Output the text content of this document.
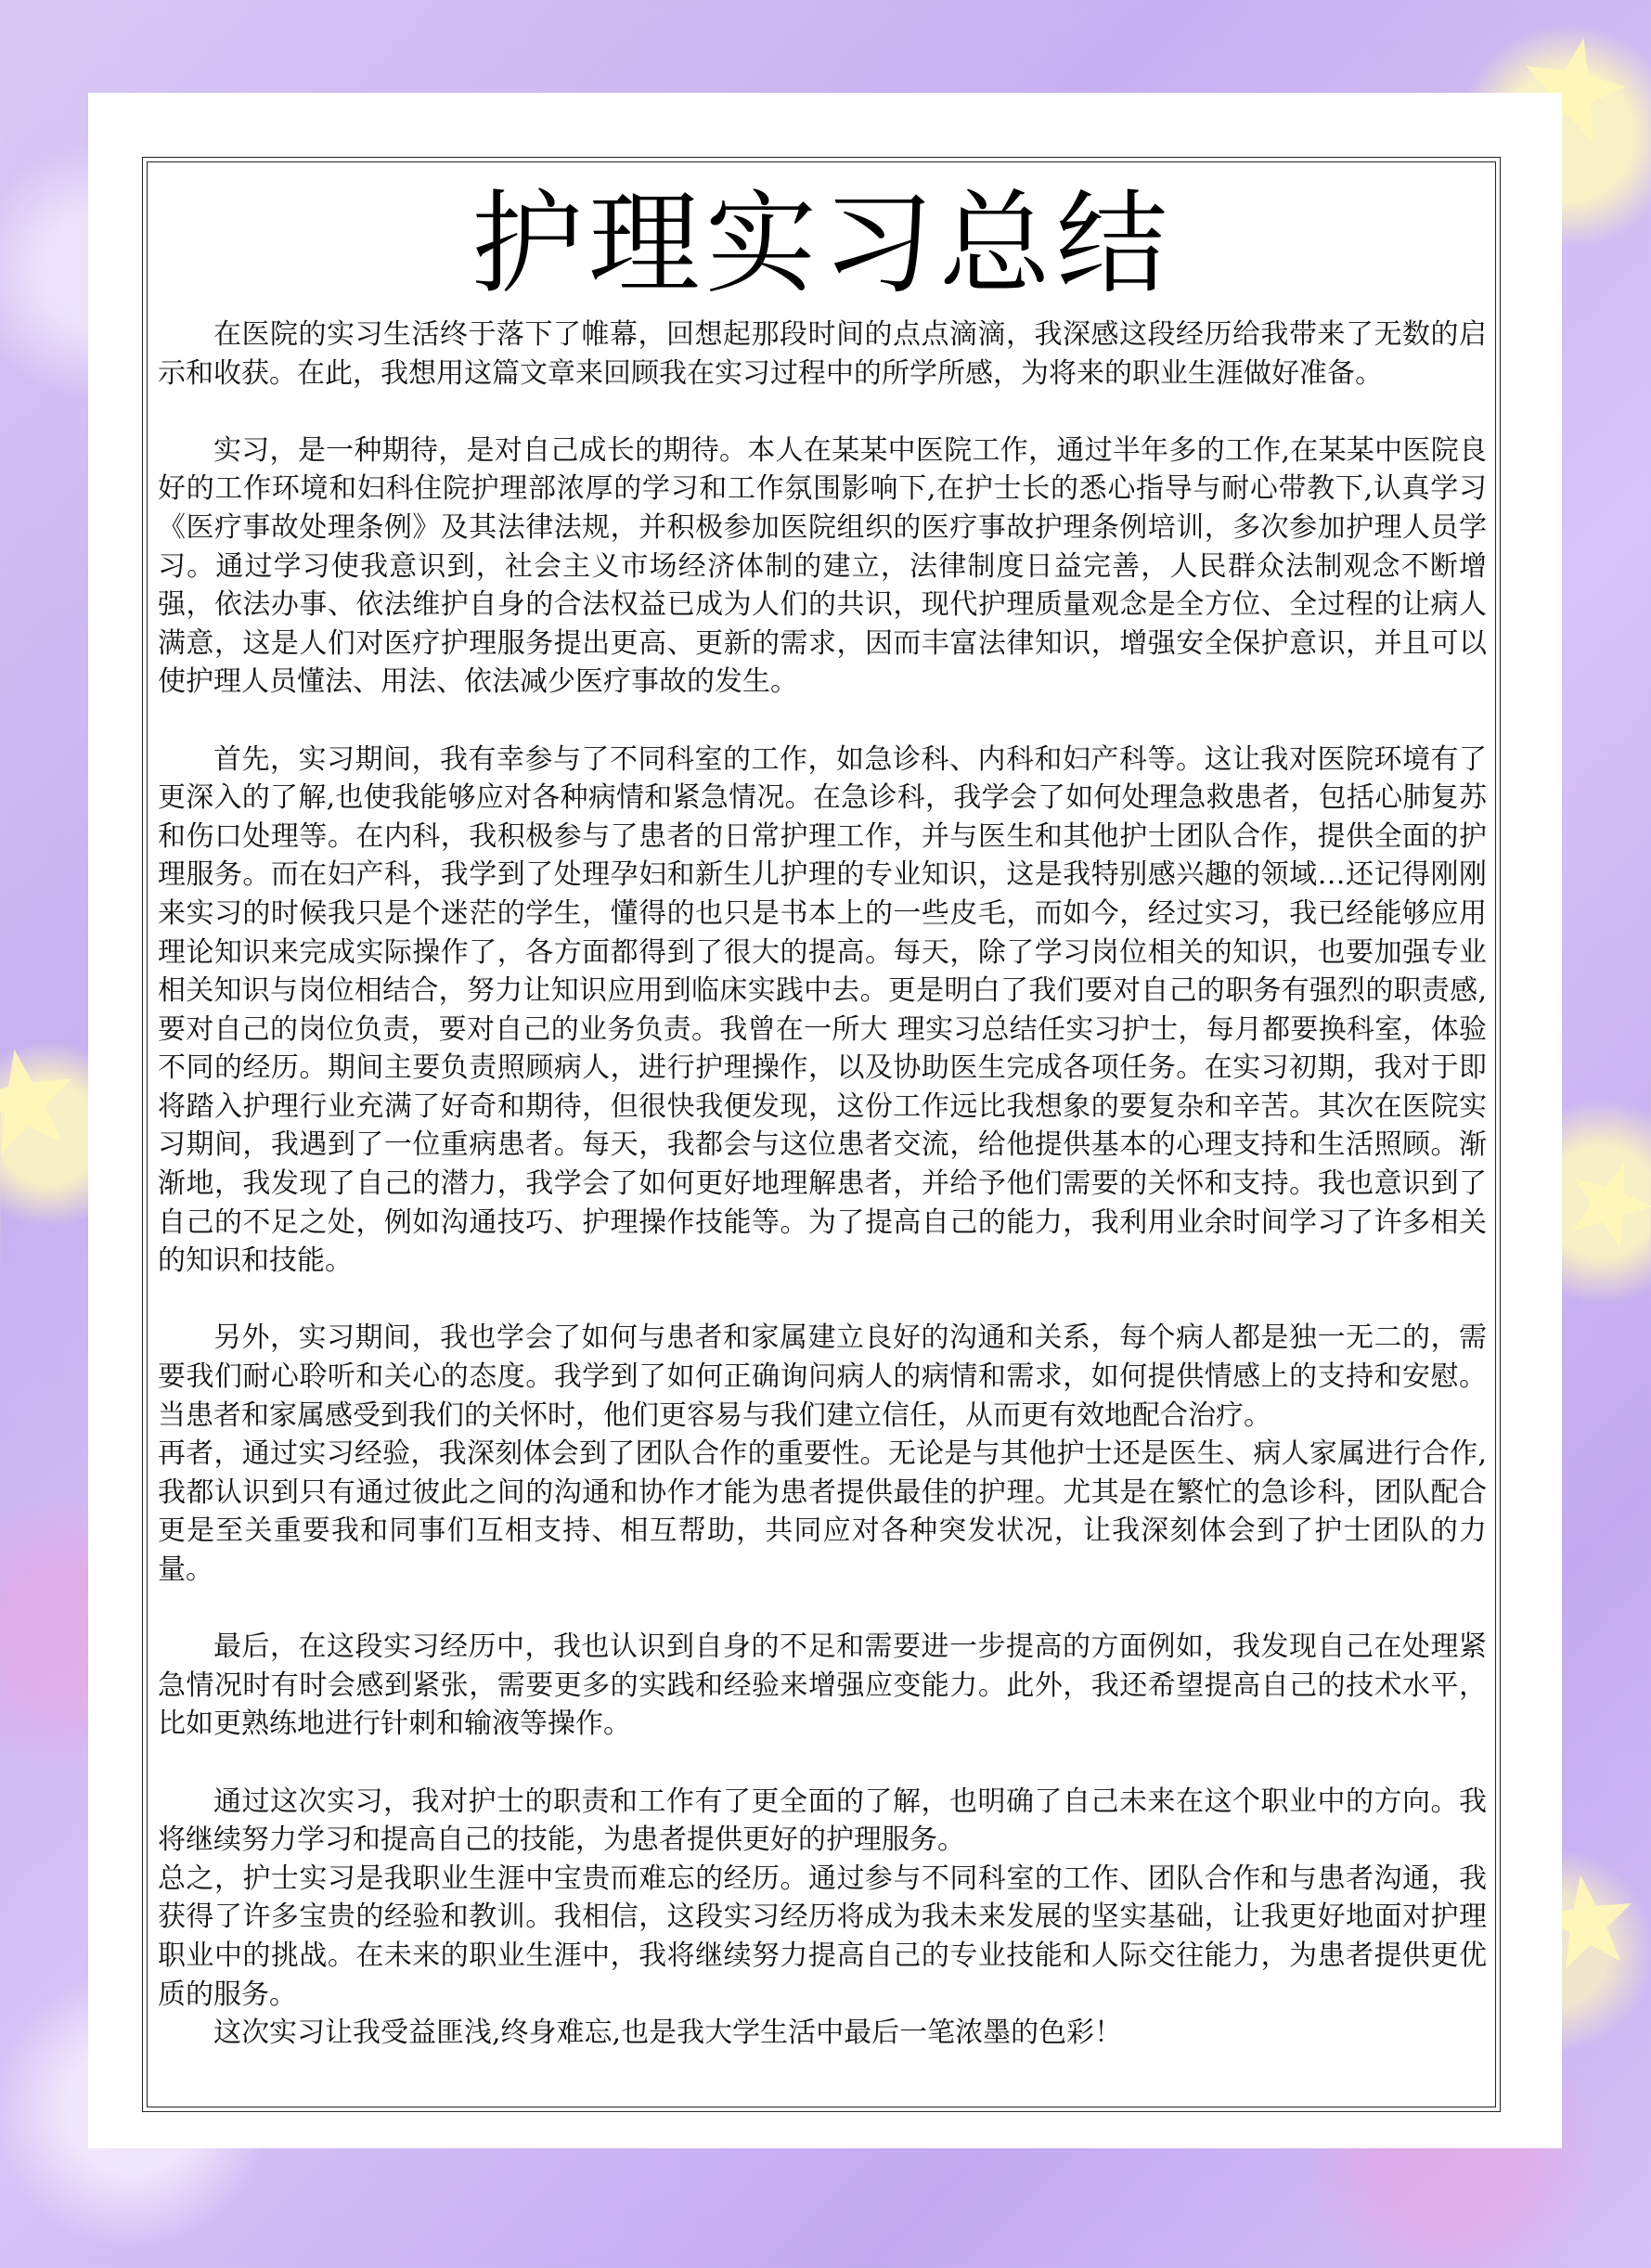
护理实习总结

在医院的实习生活终于落下了帷幕，回想起那段时间的点点滴滴，我深感这段经历给我带来了无数的启示和收获。在此，我想用这篇文章来回顾我在实习过程中的所学所感，为将来的职业生涯做好准备。

实习，是一种期待，是对自己成长的期待。本人在某某中医院工作，通过半年多的工作,在某某中医院良好的工作环境和妇科住院护理部浓厚的学习和工作氛围影响下,在护士长的悉心指导与耐心带教下,认真学习《医疗事故处理条例》及其法律法规，并积极参加医院组织的医疗事故护理条例培训，多次参加护理人员学习。通过学习使我意识到，社会主义市场经济体制的建立，法律制度日益完善，人民群众法制观念不断增强，依法办事、依法维护自身的合法权益已成为人们的共识，现代护理质量观念是全方位、全过程的让病人满意，这是人们对医疗护理服务提出更高、更新的需求，因而丰富法律知识，增强安全保护意识，并且可以使护理人员懂法、用法、依法减少医疗事故的发生。

首先，实习期间，我有幸参与了不同科室的工作，如急诊科、内科和妇产科等。这让我对医院环境有了更深入的了解,也使我能够应对各种病情和紧急情况。在急诊科，我学会了如何处理急救患者，包括心肺复苏和伤口处理等。在内科，我积极参与了患者的日常护理工作，并与医生和其他护士团队合作，提供全面的护理服务。而在妇产科，我学到了处理孕妇和新生儿护理的专业知识，这是我特别感兴趣的领域…还记得刚刚来实习的时候我只是个迷茫的学生，懂得的也只是书本上的一些皮毛，而如今，经过实习，我已经能够应用理论知识来完成实际操作了，各方面都得到了很大的提高。每天，除了学习岗位相关的知识，也要加强专业相关知识与岗位相结合，努力让知识应用到临床实践中去。更是明白了我们要对自己的职务有强烈的职责感,要对自己的岗位负责，要对自己的业务负责。我曾在一所大 理实习总结任实习护士，每月都要换科室，体验不同的经历。期间主要负责照顾病人，进行护理操作，以及协助医生完成各项任务。在实习初期，我对于即将踏入护理行业充满了好奇和期待，但很快我便发现，这份工作远比我想象的要复杂和辛苦。其次在医院实习期间，我遇到了一位重病患者。每天，我都会与这位患者交流，给他提供基本的心理支持和生活照顾。渐渐地，我发现了自己的潜力，我学会了如何更好地理解患者，并给予他们需要的关怀和支持。我也意识到了自己的不足之处，例如沟通技巧、护理操作技能等。为了提高自己的能力，我利用业余时间学习了许多相关的知识和技能。

另外，实习期间，我也学会了如何与患者和家属建立良好的沟通和关系，每个病人都是独一无二的，需要我们耐心聆听和关心的态度。我学到了如何正确询问病人的病情和需求，如何提供情感上的支持和安慰。当患者和家属感受到我们的关怀时，他们更容易与我们建立信任，从而更有效地配合治疗。

再者，通过实习经验，我深刻体会到了团队合作的重要性。无论是与其他护士还是医生、病人家属进行合作,我都认识到只有通过彼此之间的沟通和协作才能为患者提供最佳的护理。尤其是在繁忙的急诊科，团队配合更是至关重要我和同事们互相支持、相互帮助，共同应对各种突发状况，让我深刻体会到了护士团队的力量。

最后，在这段实习经历中，我也认识到自身的不足和需要进一步提高的方面例如，我发现自己在处理紧急情况时有时会感到紧张，需要更多的实践和经验来增强应变能力。此外，我还希望提高自己的技术水平，比如更熟练地进行针刺和输液等操作。

通过这次实习，我对护士的职责和工作有了更全面的了解，也明确了自己未来在这个职业中的方向。我将继续努力学习和提高自己的技能，为患者提供更好的护理服务。

总之，护士实习是我职业生涯中宝贵而难忘的经历。通过参与不同科室的工作、团队合作和与患者沟通，我获得了许多宝贵的经验和教训。我相信，这段实习经历将成为我未来发展的坚实基础，让我更好地面对护理职业中的挑战。在未来的职业生涯中，我将继续努力提高自己的专业技能和人际交往能力，为患者提供更优质的服务。

这次实习让我受益匪浅,终身难忘,也是我大学生活中最后一笔浓墨的色彩！
